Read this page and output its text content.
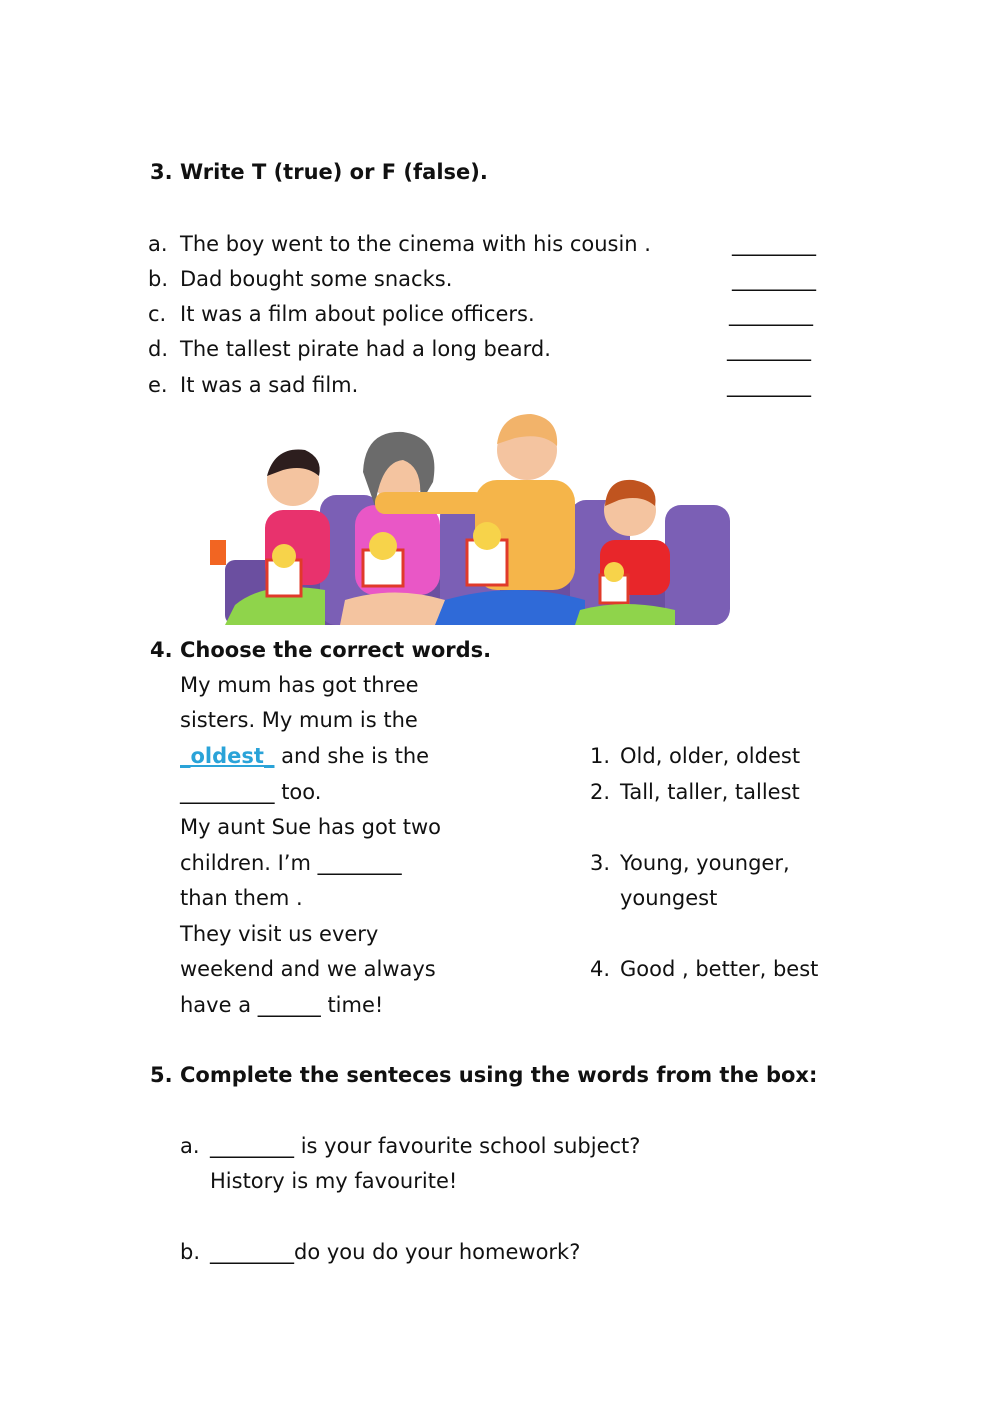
3. Write T (true) or F (false).
a. The boy went to the cinema with his cousin .	________
b. Dad bought some snacks.	________
c. It was a film about police officers.	________
d. The tallest pirate had a long beard.	________
e. It was a sad film.	________
4. Choose the correct words.
My mum has got three
sisters. My mum is the
_oldest_ and she is the
_________ too.
My aunt Sue has got two
children. I’m ________
than them .
They visit us every
weekend and we always
have a ______ time!
1. Old, older, oldest
2. Tall, taller, tallest
3. Young, younger,
youngest
4. Good , better, best
5. Complete the senteces using the words from the box:
a. ________ is your favourite school subject?
History is my favourite!
b. ________do you do your homework?
